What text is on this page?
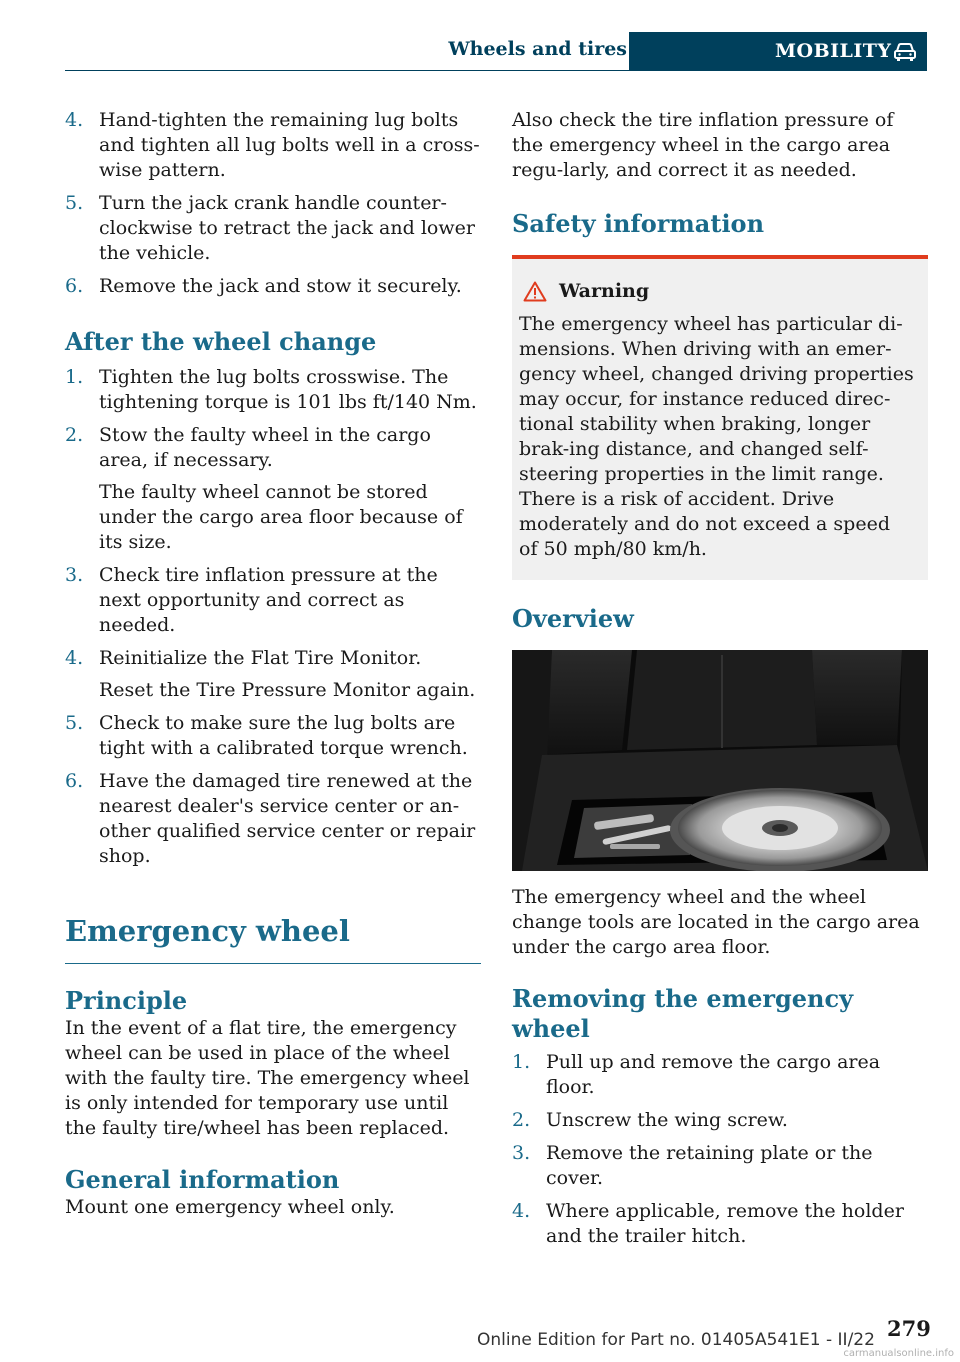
Wheels and tires	MOBILITY
4. Hand-tighten the remaining lug bolts and tighten all lug bolts well in a cross-wise pattern.
5. Turn the jack crank handle counter-clockwise to retract the jack and lower the vehicle.
6. Remove the jack and stow it securely.
After the wheel change
1. Tighten the lug bolts crosswise. The tightening torque is 101 lbs ft/140 Nm.
2. Stow the faulty wheel in the cargo area, if necessary.
The faulty wheel cannot be stored under the cargo area floor because of its size.
3. Check tire inflation pressure at the next opportunity and correct as needed.
4. Reinitialize the Flat Tire Monitor.
Reset the Tire Pressure Monitor again.
5. Check to make sure the lug bolts are tight with a calibrated torque wrench.
6. Have the damaged tire renewed at the nearest dealer's service center or an-other qualified service center or repair shop.
Emergency wheel
Principle

In the event of a flat tire, the emergency wheel can be used in place of the wheel with the faulty tire. The emergency wheel is only intended for temporary use until the faulty tire/wheel has been replaced.

General information

Mount one emergency wheel only.

Also check the tire inflation pressure of the emergency wheel in the cargo area regu-larly, and correct it as needed.

Safety information
Warning

The emergency wheel has particular di-mensions. When driving with an emer-gency wheel, changed driving properties may occur, for instance reduced direc-tional stability when braking, longer brak-ing distance, and changed self-steering properties in the limit range. There is a risk of accident. Drive moderately and do not exceed a speed of 50 mph/80 km/h.

Overview

The emergency wheel and the wheel change tools are located in the cargo area under the cargo area floor.

Removing the emergency wheel
1. Pull up and remove the cargo area floor.
2. Unscrew the wing screw.
3. Remove the retaining plate or the cover.
4. Where applicable, remove the holder and the trailer hitch.
279
Online Edition for Part no. 01405A541E1 - II/22
carmanualsonline.info
